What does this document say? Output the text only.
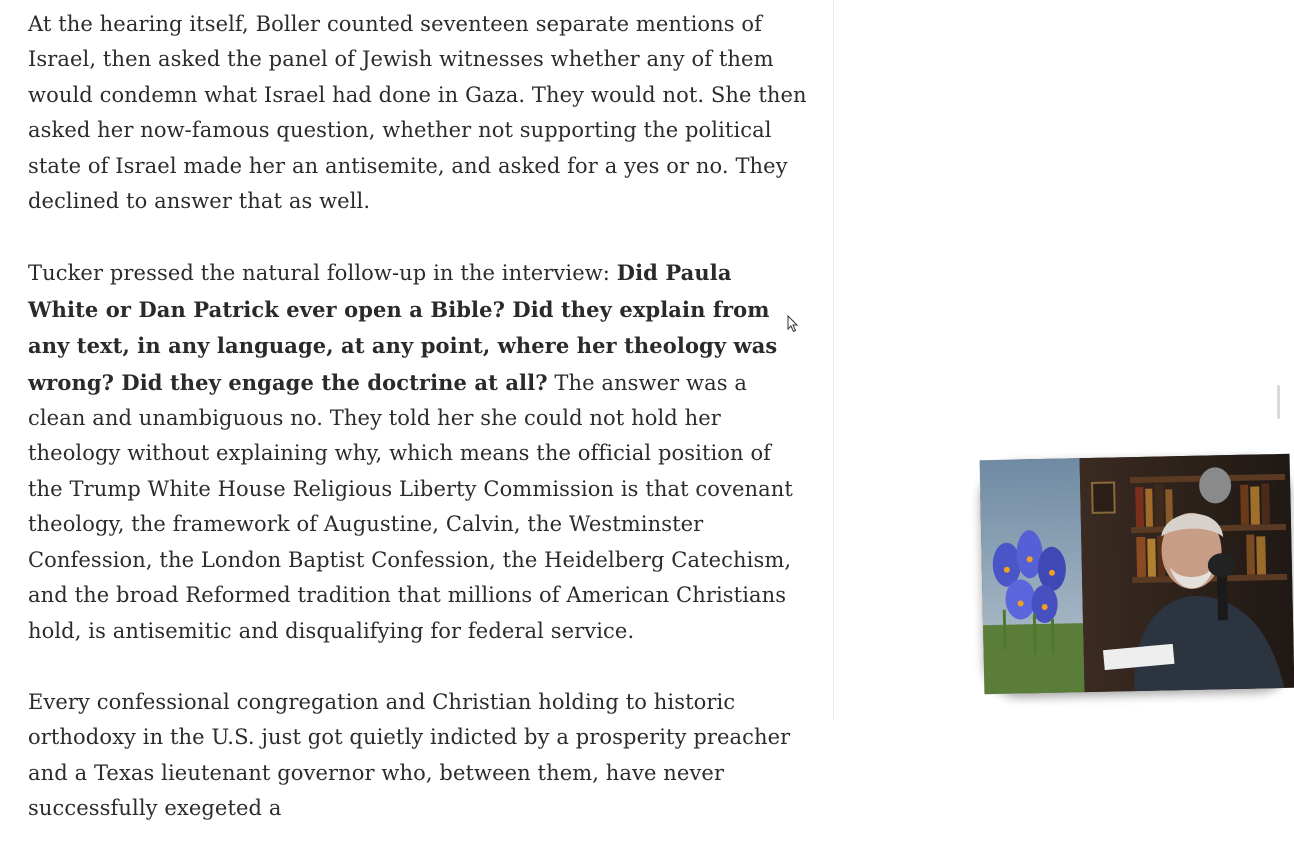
At the hearing itself, Boller counted seventeen separate mentions of Israel, then asked the panel of Jewish witnesses whether any of them would condemn what Israel had done in Gaza. They would not. She then asked her now-famous question, whether not supporting the political state of Israel made her an antisemite, and asked for a yes or no. They declined to answer that as well.

Tucker pressed the natural follow-up in the interview: Did Paula White or Dan Patrick ever open a Bible? Did they explain from any text, in any language, at any point, where her theology was wrong? Did they engage the doctrine at all? The answer was a clean and unambiguous no. They told her she could not hold her theology without explaining why, which means the official position of the Trump White House Religious Liberty Commission is that covenant theology, the framework of Augustine, Calvin, the Westminster Confession, the London Baptist Confession, the Heidelberg Catechism, and the broad Reformed tradition that millions of American Christians hold, is antisemitic and disqualifying for federal service.

Every confessional congregation and Christian holding to historic orthodoxy in the U.S. just got quietly indicted by a prosperity preacher and a Texas lieutenant governor who, between them, have never successfully exegeted a
